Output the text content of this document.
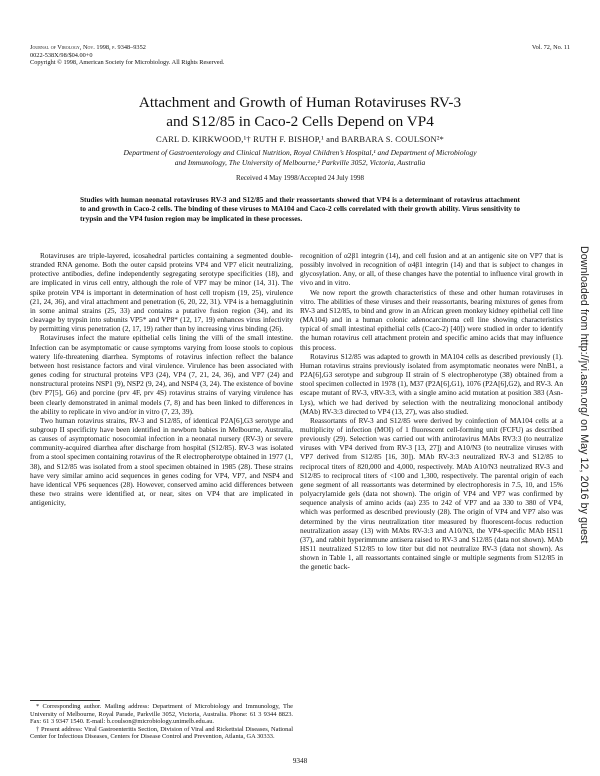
Journal of Virology, Nov. 1998, p. 9348–9352
0022-538X/98/$04.00+0
Copyright © 1998, American Society for Microbiology. All Rights Reserved.
Vol. 72, No. 11
Attachment and Growth of Human Rotaviruses RV-3
and S12/85 in Caco-2 Cells Depend on VP4
CARL D. KIRKWOOD,¹† RUTH F. BISHOP,¹ and BARBARA S. COULSON²*
Department of Gastroenterology and Clinical Nutrition, Royal Children’s Hospital,¹ and Department of Microbiology
and Immunology, The University of Melbourne,² Parkville 3052, Victoria, Australia
Received 4 May 1998/Accepted 24 July 1998
Studies with human neonatal rotaviruses RV-3 and S12/85 and their reassortants showed that VP4 is a determinant of rotavirus attachment to and growth in Caco-2 cells. The binding of these viruses to MA104 and Caco-2 cells correlated with their growth ability. Virus sensitivity to trypsin and the VP4 fusion region may be implicated in these processes.

Rotaviruses are triple-layered, icosahedral particles containing a segmented double-stranded RNA genome. Both the outer capsid proteins VP4 and VP7 elicit neutralizing, protective antibodies, define independently segregating serotype specificities (18), and are implicated in virus cell entry, although the role of VP7 may be minor (14, 31). The spike protein VP4 is important in determination of host cell tropism (19, 25), virulence (21, 24, 36), and viral attachment and penetration (6, 20, 22, 31). VP4 is a hemagglutinin in some animal strains (25, 33) and contains a putative fusion region (34), and its cleavage by trypsin into subunits VP5* and VP8* (12, 17, 19) enhances virus infectivity by permitting virus penetration (2, 17, 19) rather than by increasing virus binding (26).

Rotaviruses infect the mature epithelial cells lining the villi of the small intestine. Infection can be asymptomatic or cause symptoms varying from loose stools to copious watery life-threatening diarrhea. Symptoms of rotavirus infection reflect the balance between host resistance factors and viral virulence. Virulence has been associated with genes coding for structural proteins VP3 (24), VP4 (7, 21, 24, 36), and VP7 (24) and nonstructural proteins NSP1 (9), NSP2 (9, 24), and NSP4 (3, 24). The existence of bovine (brv P7[5], G6) and porcine (prv 4F, prv 4S) rotavirus strains of varying virulence has been clearly demonstrated in animal models (7, 8) and has been linked to differences in the ability to replicate in vivo and/or in vitro (7, 23, 39).

Two human rotavirus strains, RV-3 and S12/85, of identical P2A[6],G3 serotype and subgroup II specificity have been identified in newborn babies in Melbourne, Australia, as causes of asymptomatic nosocomial infection in a neonatal nursery (RV-3) or severe community-acquired diarrhea after discharge from hospital (S12/85). RV-3 was isolated from a stool specimen containing rotavirus of the R electropherotype obtained in 1977 (1, 38), and S12/85 was isolated from a stool specimen obtained in 1985 (28). These strains have very similar amino acid sequences in genes coding for VP4, VP7, and NSP4 and have identical VP6 sequences (28). However, conserved amino acid differences between these two strains were identified at, or near, sites on VP4 that are implicated in antigenicity,

* Corresponding author. Mailing address: Department of Microbiology and Immunology, The University of Melbourne, Royal Parade, Parkville 3052, Victoria, Australia. Phone: 61 3 9344 8823. Fax: 61 3 9347 1540. E-mail: b.coulson@microbiology.unimelb.edu.au.

† Present address: Viral Gastroenteritis Section, Division of Viral and Rickettsial Diseases, National Center for Infectious Diseases, Centers for Disease Control and Prevention, Atlanta, GA 30333.

recognition of α2β1 integrin (14), and cell fusion and at an antigenic site on VP7 that is possibly involved in recognition of α4β1 integrin (14) and that is subject to changes in glycosylation. Any, or all, of these changes have the potential to influence viral growth in vivo and in vitro.

We now report the growth characteristics of these and other human rotaviruses in vitro. The abilities of these viruses and their reassortants, bearing mixtures of genes from RV-3 and S12/85, to bind and grow in an African green monkey kidney epithelial cell line (MA104) and in a human colonic adenocarcinoma cell line showing characteristics typical of small intestinal epithelial cells (Caco-2) [40]) were studied in order to identify the human rotavirus cell attachment protein and specific amino acids that may influence this process.

Rotavirus S12/85 was adapted to growth in MA104 cells as described previously (1). Human rotavirus strains previously isolated from asymptomatic neonates were NnB1, a P2A[6],G3 serotype and subgroup II strain of S electropherotype (38) obtained from a stool specimen collected in 1978 (1), M37 (P2A[6],G1), 1076 (P2A[6],G2), and RV-3. An escape mutant of RV-3, vRV-3:3, with a single amino acid mutation at position 383 (Asn-Lys), which we had derived by selection with the neutralizing monoclonal antibody (MAb) RV-3:3 directed to VP4 (13, 27), was also studied.

Reassortants of RV-3 and S12/85 were derived by coinfection of MA104 cells at a multiplicity of infection (MOI) of 1 fluorescent cell-forming unit (FCFU) as described previously (29). Selection was carried out with antirotavirus MAbs RV3:3 (to neutralize viruses with VP4 derived from RV-3 [13, 27]) and A10/N3 (to neutralize viruses with VP7 derived from S12/85 [16, 30]). MAb RV-3:3 neutralized RV-3 and S12/85 to reciprocal titers of 820,000 and 4,000, respectively. MAb A10/N3 neutralized RV-3 and S12/85 to reciprocal titers of <100 and 1,300, respectively. The parental origin of each gene segment of all reassortants was determined by electrophoresis in 7.5, 10, and 15% polyacrylamide gels (data not shown). The origin of VP4 and VP7 was confirmed by sequence analysis of amino acids (aa) 235 to 242 of VP7 and aa 330 to 380 of VP4, which was performed as described previously (28). The origin of VP4 and VP7 also was determined by the virus neutralization titer measured by fluorescent-focus reduction neutralization assay (13) with MAbs RV-3:3 and A10/N3, the VP4-specific MAb HS11 (37), and rabbit hyperimmune antisera raised to RV-3 and S12/85 (data not shown). MAb HS11 neutralized S12/85 to low titer but did not neutralize RV-3 (data not shown). As shown in Table 1, all reassortants contained single or multiple segments from S12/85 in the genetic back-

9348
Downloaded from http://jvi.asm.org/ on May 12, 2016 by guest
